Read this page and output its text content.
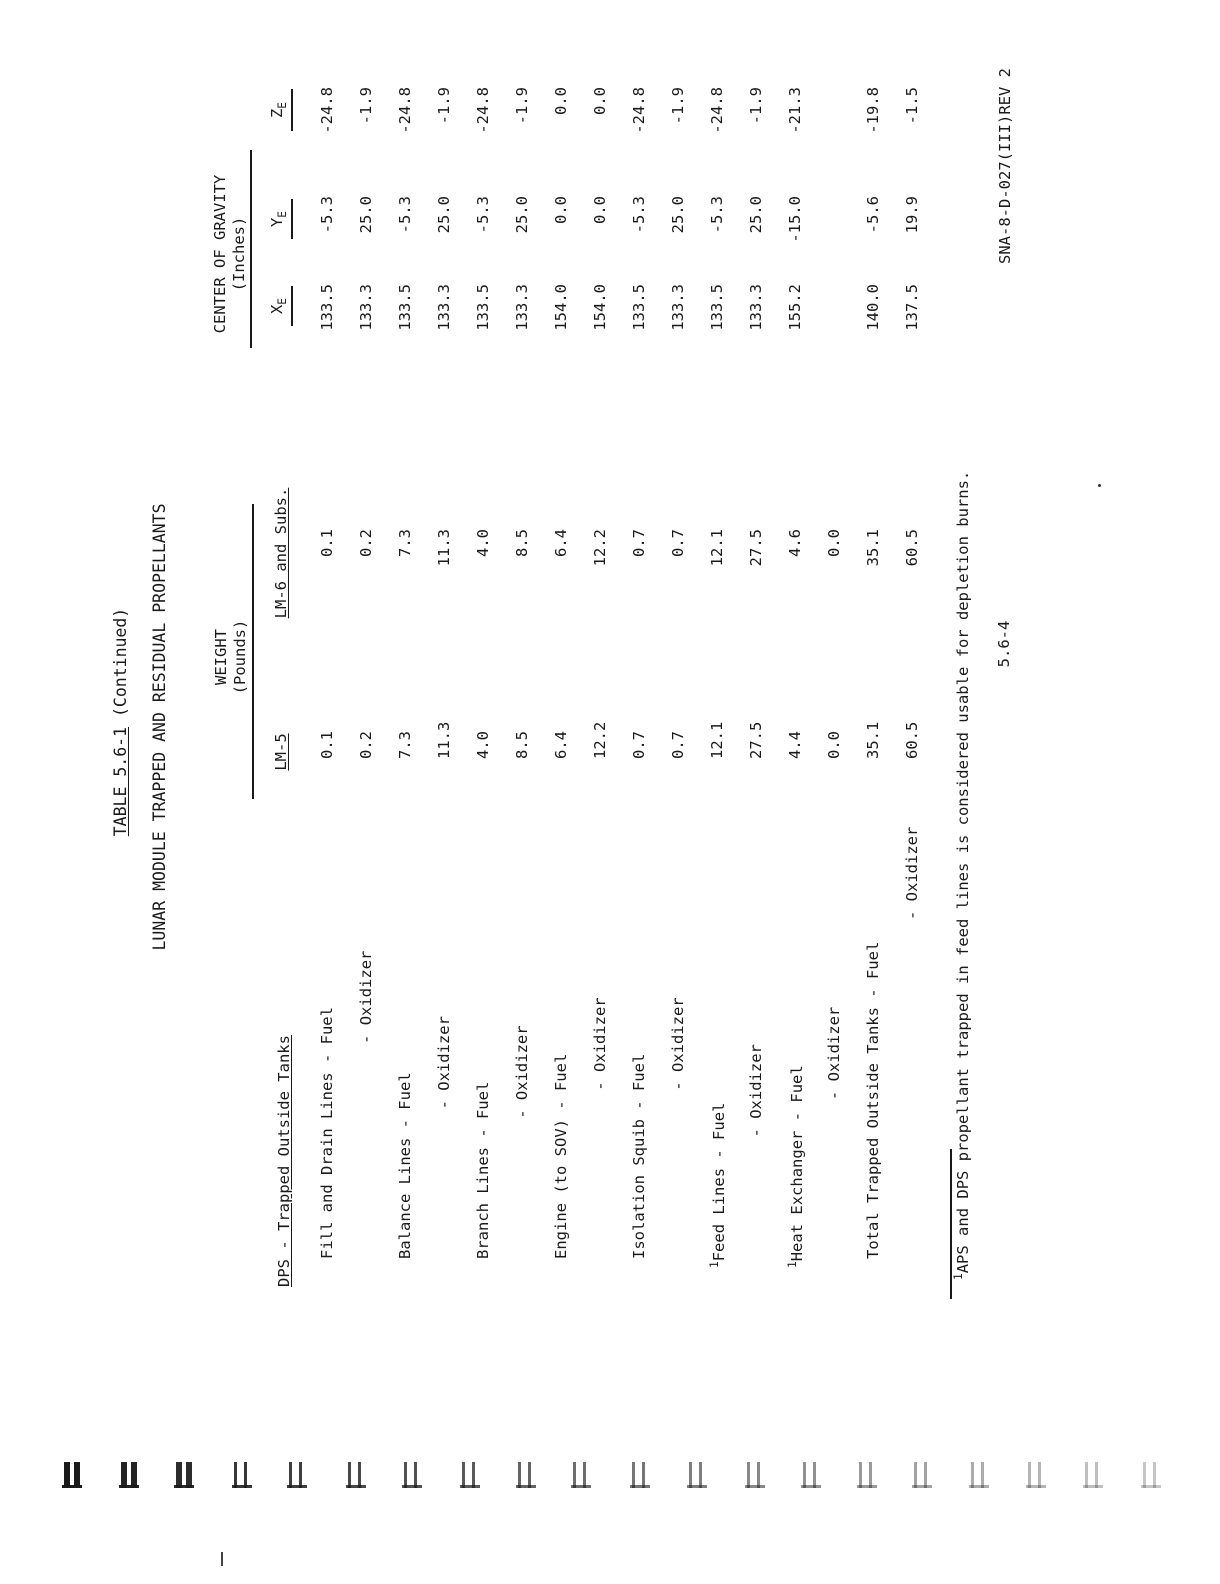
TABLE 5.6-1 (Continued) LUNAR MODULE TRAPPED AND RESIDUAL PROPELLANTS	WEIGHT (Pounds)
CENTER OF GRAVITY (Inches)
DPS - Trapped Outside Tanks
LM-5
LM-6 and Subs.
$X_E$
$Y_E$
$Z_E$
Fill and Drain Lines - Fuel
0.1
0.1
133.5
-5.3
-24.8
- Oxidizer
0.2
0.2
133.3
25.0
-1.9
Balance Lines - Fuel
7.3
7.3
133.5
-5.3
-24.8
- Oxidizer
11.3
11.3
133.3
25.0
-1.9
Branch Lines - Fuel
4.0
4.0
133.5
-5.3
-24.8
- Oxidizer
8.5
8.5
133.3
25.0
-1.9
Engine (to SOV) - Fuel
6.4
6.4
154.0
0.0
0.0
- Oxidizer
12.2
12.2
154.0
0.0
0.0
Isolation Squib - Fuel
0.7
0.7
133.5
-5.3
-24.8
- Oxidizer
0.7
0.7
133.3
25.0
-1.9
$^1$Feed Lines - Fuel
12.1
12.1
133.5
-5.3
-24.8
- Oxidizer
27.5
27.5
133.3
25.0
-1.9
$^1$Heat Exchanger - Fuel
4.4
4.6
155.2
-15.0
-21.3
- Oxidizer
0.0
0.0
Total Trapped Outside Tanks - Fuel
35.1
35.1
140.0
-5.6
-19.8
- Oxidizer
60.5
60.5
137.5
19.9
-1.5
$^1$APS and DPS propellant trapped in feed lines is considered usable for depletion burns. 5.6-4
SNA-8-D-027(III)REV 2
